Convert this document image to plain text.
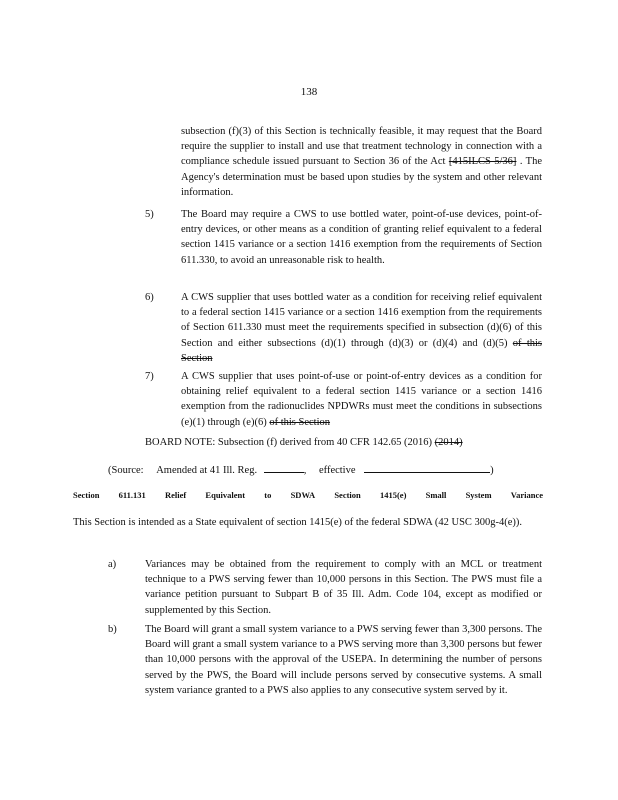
138
subsection (f)(3) of this Section is technically feasible, it may request that the Board require the supplier to install and use that treatment technology in connection with a compliance schedule issued pursuant to Section 36 of the Act [415ILCS 5/36] . The Agency's determination must be based upon studies by the system and other relevant information.
5)	The Board may require a CWS to use bottled water, point-of-use devices, point-of-entry devices, or other means as a condition of granting relief equivalent to a federal section 1415 variance or a section 1416 exemption from the requirements of Section 611.330, to avoid an unreasonable risk to health.
6)	A CWS supplier that uses bottled water as a condition for receiving relief equivalent to a federal section 1415 variance or a section 1416 exemption from the requirements of Section 611.330 must meet the requirements specified in subsection (d)(6) of this Section and either subsections (d)(1) through (d)(3) or (d)(4) and (d)(5) of this Section
7)	A CWS supplier that uses point-of-use or point-of-entry devices as a condition for obtaining relief equivalent to a federal section 1415 variance or a section 1416 exemption from the radionuclides NPDWRs must meet the conditions in subsections (e)(1) through (e)(6) of this Section
BOARD NOTE: Subsection (f) derived from 40 CFR 142.65 (2016) (2014)
(Source: Amended at 41 Ill. Reg.	, effective	)
Section 611.131 Relief Equivalent to SDWA Section 1415(e) Small System Variance
This Section is intended as a State equivalent of section 1415(e) of the federal SDWA (42 USC 300g-4(e)).
a)	Variances may be obtained from the requirement to comply with an MCL or treatment technique to a PWS serving fewer than 10,000 persons in this Section. The PWS must file a variance petition pursuant to Subpart B of 35 Ill. Adm. Code 104, except as modified or supplemented by this Section.
b)	The Board will grant a small system variance to a PWS serving fewer than 3,300 persons. The Board will grant a small system variance to a PWS serving more than 3,300 persons but fewer than 10,000 persons with the approval of the USEPA. In determining the number of persons served by the PWS, the Board will include persons served by consecutive systems. A small system variance granted to a PWS also applies to any consecutive system served by it.
